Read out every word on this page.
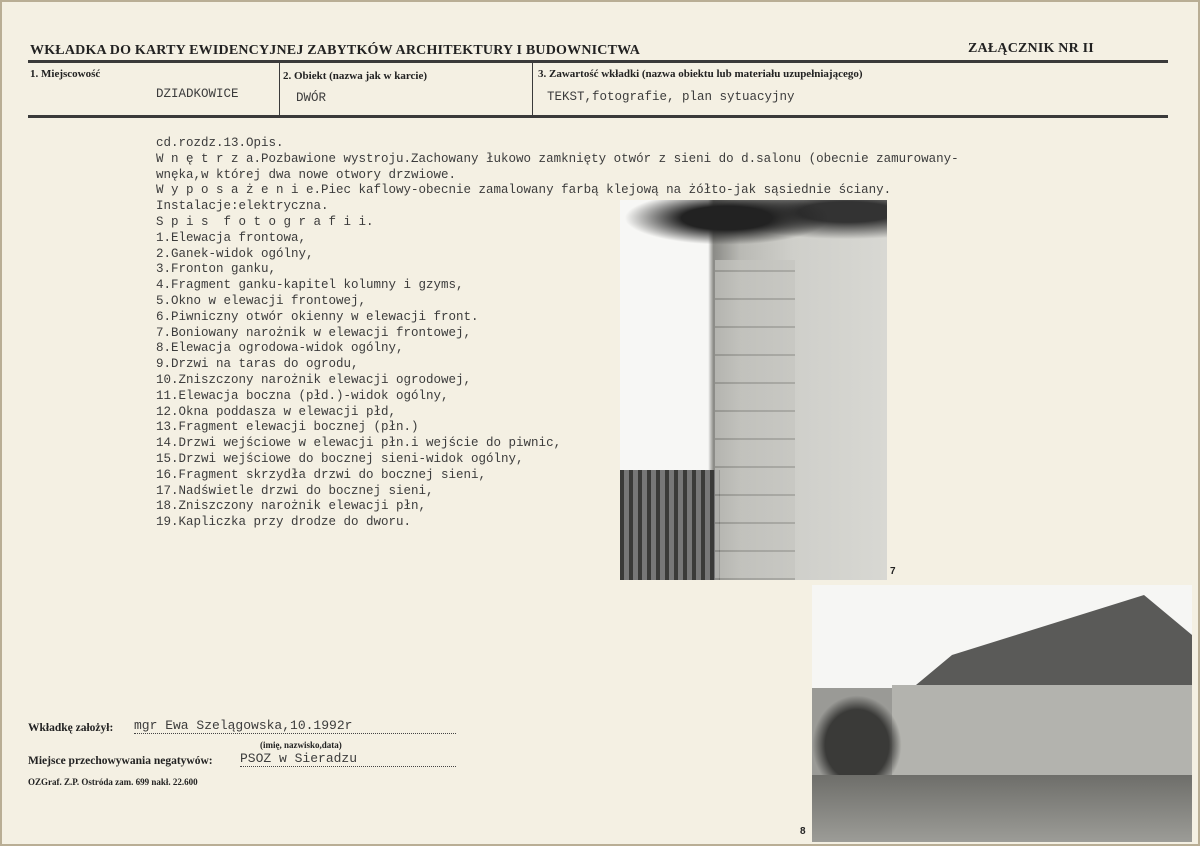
WKŁADKA DO KARTY EWIDENCYJNEJ ZABYTKÓW ARCHITEKTURY I BUDOWNICTWA	ZAŁĄCZNIK NR II
1. Miejscowość
DZIADKOWICE
2. Obiekt (nazwa jak w karcie)
DWÓR
3. Zawartość wkładki (nazwa obiektu lub materiału uzupełniającego)
TEKST,fotografie, plan sytuacyjny
cd.rozdz.13.Opis.
W n ę t r z a.Pozbawione wystroju.Zachowany łukowo zamknięty otwór z sieni do d.salonu (obecnie zamurowany-
wnęka,w której dwa nowe otwory drzwiowe.
W y p o s a ż e n i e.Piec kaflowy-obecnie zamalowany farbą klejową na żółto-jak sąsiednie ściany.
Instalacje:elektryczna.
S p i s  f o t o g r a f i i.
1.Elewacja frontowa,
2.Ganek-widok ogólny,
3.Fronton ganku,
4.Fragment ganku-kapitel kolumny i gzyms,
5.Okno w elewacji frontowej,
6.Piwniczny otwór okienny w elewacji front.
7.Boniowany narożnik w elewacji frontowej,
8.Elewacja ogrodowa-widok ogólny,
9.Drzwi na taras do ogrodu,
10.Zniszczony narożnik elewacji ogrodowej,
11.Elewacja boczna (płd.)-widok ogólny,
12.Okna poddasza w elewacji płd,
13.Fragment elewacji bocznej (płn.)
14.Drzwi wejściowe w elewacji płn.i wejście do piwnic,
15.Drzwi wejściowe do bocznej sieni-widok ogólny,
16.Fragment skrzydła drzwi do bocznej sieni,
17.Nadświetle drzwi do bocznej sieni,
18.Zniszczony narożnik elewacji płn,
19.Kapliczka przy drodze do dworu.
7
8
Wkładkę założył: mgr Ewa Szelągowska,10.1992r
(imię, nazwisko,data)
Miejsce przechowywania negatywów: PSOZ w Sieradzu
OZGraf. Z.P. Ostróda zam. 699 nakł. 22.600
